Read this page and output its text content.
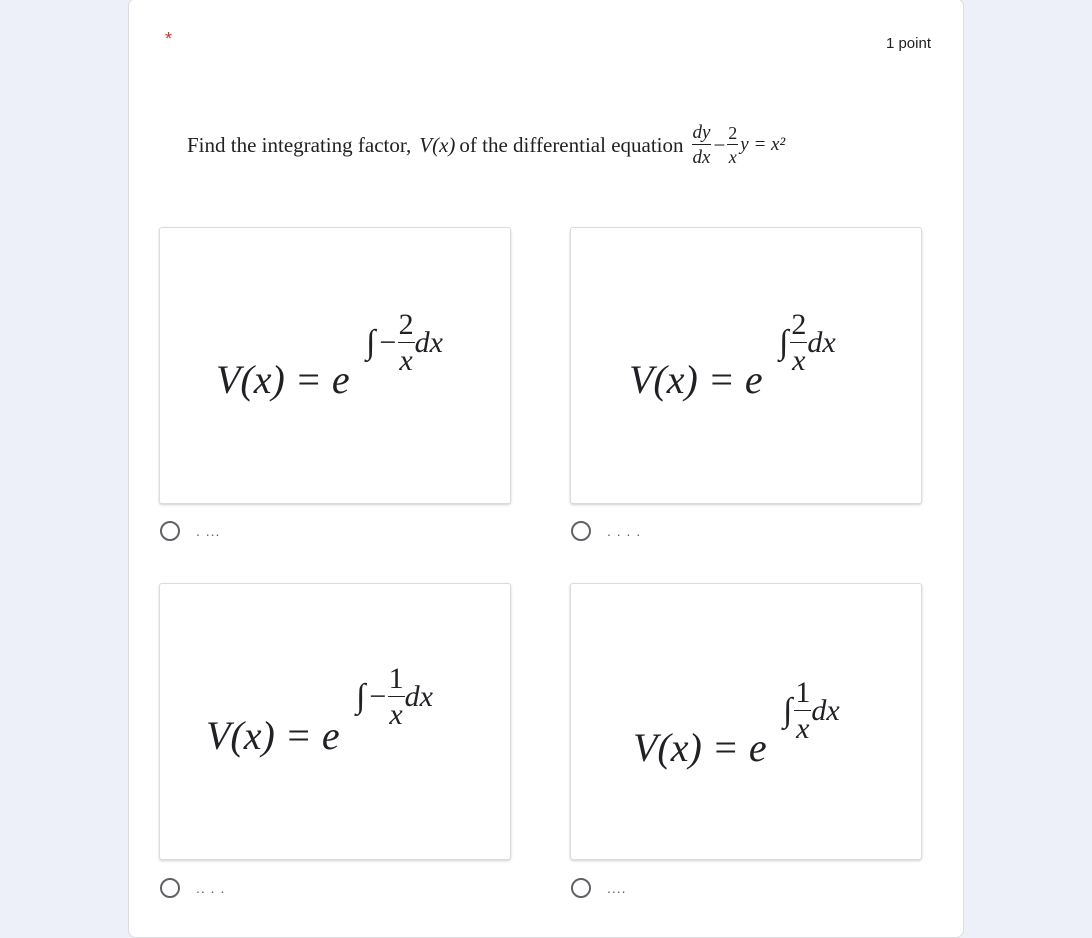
*	1 point
Find the integrating factor, V(x) of the differential equation $\frac{dy}{dx} - \frac{2}{x}$ y = x²
V(x) = e
∫ − $\frac{2}{x}$ dx
. ...
V(x) = e
∫ $\frac{2}{x}$ dx
. . . .
V(x) = e
∫ − $\frac{1}{x}$ dx
.. . .
V(x) = e
∫ $\frac{1}{x}$ dx
....
